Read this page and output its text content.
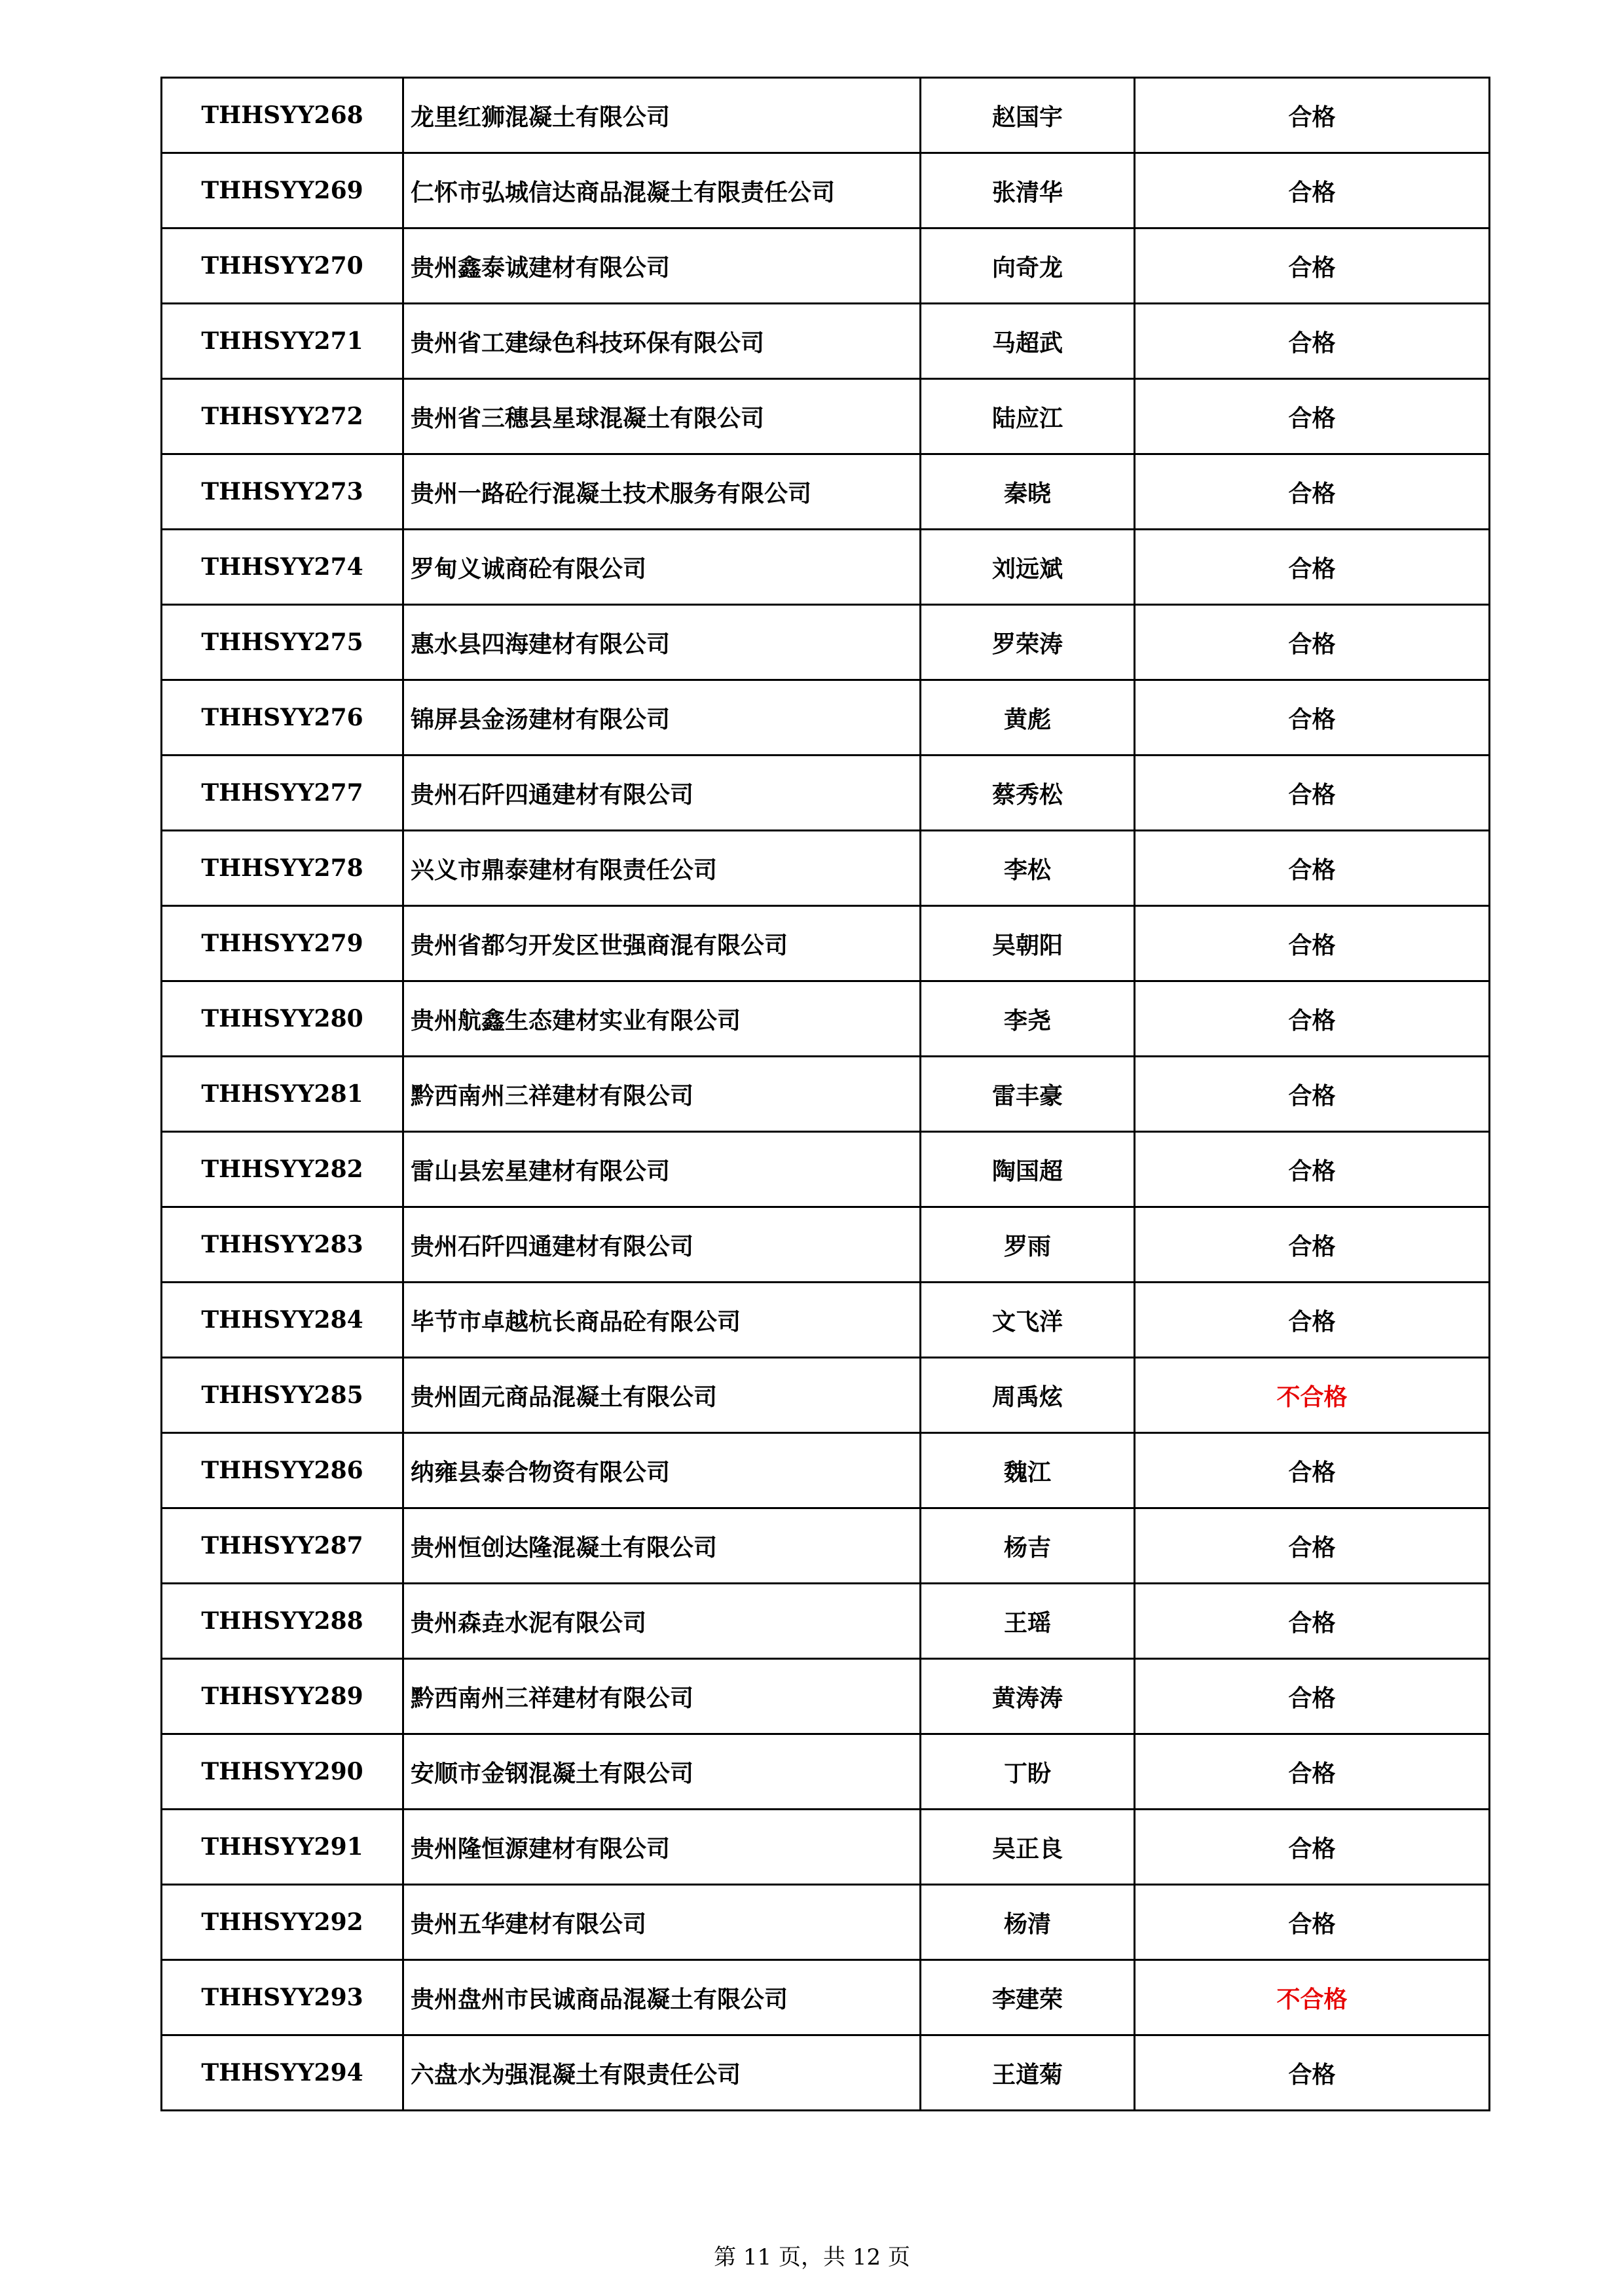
THHSYY268	龙里红狮混凝土有限公司	赵国宇	合格
THHSYY269	仁怀市弘城信达商品混凝土有限责任公司	张清华	合格
THHSYY270	贵州鑫泰诚建材有限公司	向奇龙	合格
THHSYY271	贵州省工建绿色科技环保有限公司	马超武	合格
THHSYY272	贵州省三穗县星球混凝土有限公司	陆应江	合格
THHSYY273	贵州一路砼行混凝土技术服务有限公司	秦晓	合格
THHSYY274	罗甸义诚商砼有限公司	刘远斌	合格
THHSYY275	惠水县四海建材有限公司	罗荣涛	合格
THHSYY276	锦屏县金汤建材有限公司	黄彪	合格
THHSYY277	贵州石阡四通建材有限公司	蔡秀松	合格
THHSYY278	兴义市鼎泰建材有限责任公司	李松	合格
THHSYY279	贵州省都匀开发区世强商混有限公司	吴朝阳	合格
THHSYY280	贵州航鑫生态建材实业有限公司	李尧	合格
THHSYY281	黔西南州三祥建材有限公司	雷丰豪	合格
THHSYY282	雷山县宏星建材有限公司	陶国超	合格
THHSYY283	贵州石阡四通建材有限公司	罗雨	合格
THHSYY284	毕节市卓越杭长商品砼有限公司	文飞洋	合格
THHSYY285	贵州固元商品混凝土有限公司	周禹炫	不合格
THHSYY286	纳雍县泰合物资有限公司	魏江	合格
THHSYY287	贵州恒创达隆混凝土有限公司	杨吉	合格
THHSYY288	贵州森垚水泥有限公司	王瑶	合格
THHSYY289	黔西南州三祥建材有限公司	黄涛涛	合格
THHSYY290	安顺市金钢混凝土有限公司	丁盼	合格
THHSYY291	贵州隆恒源建材有限公司	吴正良	合格
THHSYY292	贵州五华建材有限公司	杨清	合格
THHSYY293	贵州盘州市民诚商品混凝土有限公司	李建荣	不合格
THHSYY294	六盘水为强混凝土有限责任公司	王道菊	合格
第 11 页，共 12 页
